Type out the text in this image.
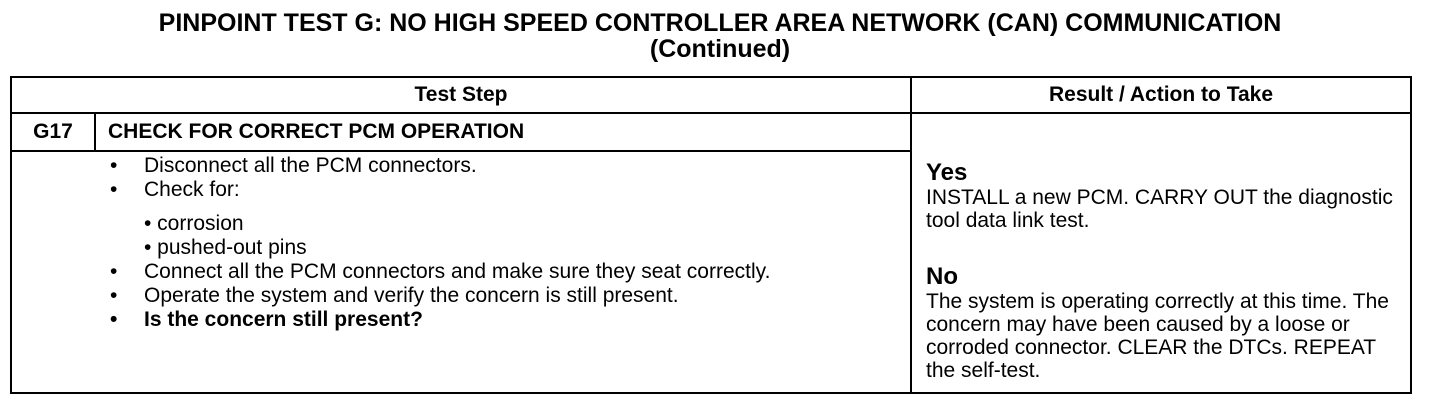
PINPOINT TEST G: NO HIGH SPEED CONTROLLER AREA NETWORK (CAN) COMMUNICATION
(Continued)
Test Step	Result / Action to Take
G17	CHECK FOR CORRECT PCM OPERATION
• Disconnect all the PCM connectors.
• Check for:
• corrosion
• pushed-out pins
• Connect all the PCM connectors and make sure they seat correctly.
• Operate the system and verify the concern is still present.
• Is the concern still present?
Yes
INSTALL a new PCM. CARRY OUT the diagnostic tool data link test.
No
The system is operating correctly at this time. The concern may have been caused by a loose or corroded connector. CLEAR the DTCs. REPEAT the self-test.
